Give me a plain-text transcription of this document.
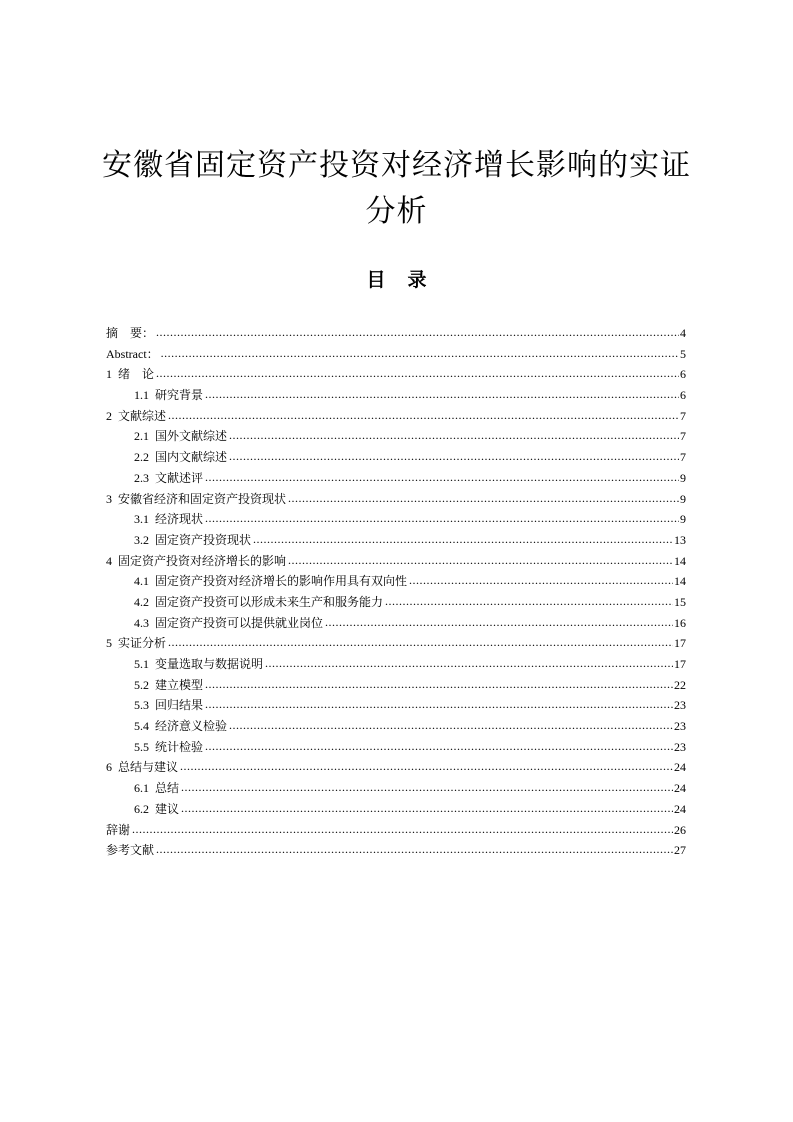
安徽省固定资产投资对经济增长影响的实证
分析
目 录
摘　要： .....	4
Abstract： .....	5
1 绪　论 .....	6
1.1 研究背景 .....	6
2 文献综述 .....	7
2.1 国外文献综述 .....	7
2.2 国内文献综述 .....	7
2.3 文献述评 .....	9
3 安徽省经济和固定资产投资现状 .....	9
3.1 经济现状 .....	9
3.2 固定资产投资现状 .....	13
4 固定资产投资对经济增长的影响 .....	14
4.1 固定资产投资对经济增长的影响作用具有双向性 .....	14
4.2 固定资产投资可以形成未来生产和服务能力 .....	15
4.3 固定资产投资可以提供就业岗位 .....	16
5 实证分析 .....	17
5.1 变量选取与数据说明 .....	17
5.2 建立模型 .....	22
5.3 回归结果 .....	23
5.4 经济意义检验 .....	23
5.5 统计检验 .....	23
6 总结与建议 .....	24
6.1 总结 .....	24
6.2 建议 .....	24
辞谢 .....	26
参考文献 .....	27
